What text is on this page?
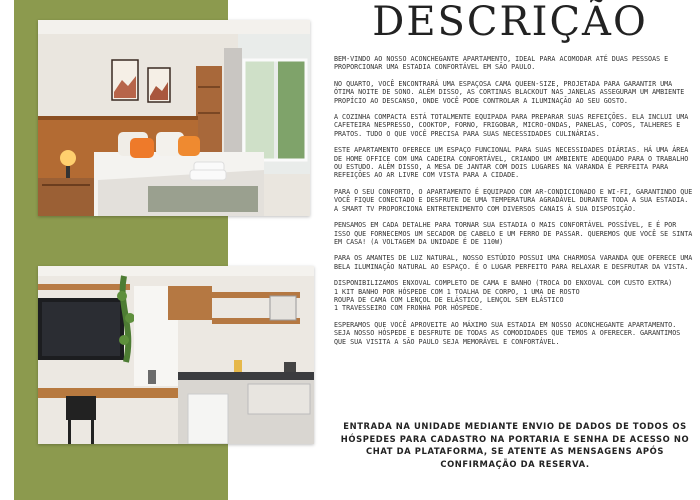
DESCRIÇÃO

BEM-VINDO AO NOSSO ACONCHEGANTE APARTAMENTO, IDEAL PARA ACOMODAR ATÉ DUAS PESSOAS E PROPORCIONAR UMA ESTADIA CONFORTÁVEL EM SÃO PAULO.

NO QUARTO, VOCÊ ENCONTRARÁ UMA ESPAÇOSA CAMA QUEEN-SIZE, PROJETADA PARA GARANTIR UMA ÓTIMA NOITE DE SONO. ALÉM DISSO, AS CORTINAS BLACKOUT NAS JANELAS ASSEGURAM UM AMBIENTE PROPÍCIO AO DESCANSO, ONDE VOCÊ PODE CONTROLAR A ILUMINAÇÃO AO SEU GOSTO.

A COZINHA COMPACTA ESTÁ TOTALMENTE EQUIPADA PARA PREPARAR SUAS REFEIÇÕES. ELA INCLUI UMA CAFETEIRA NESPRESSO, COOKTOP, FORNO, FRIGOBAR, MICRO-ONDAS, PANELAS, COPOS, TALHERES E PRATOS. TUDO O QUE VOCÊ PRECISA PARA SUAS NECESSIDADES CULINÁRIAS.

ESTE APARTAMENTO OFERECE UM ESPAÇO FUNCIONAL PARA SUAS NECESSIDADES DIÁRIAS. HÁ UMA ÁREA DE HOME OFFICE COM UMA CADEIRA CONFORTÁVEL, CRIANDO UM AMBIENTE ADEQUADO PARA O TRABALHO OU ESTUDO. ALÉM DISSO, A MESA DE JANTAR COM DOIS LUGARES NA VARANDA É PERFEITA PARA REFEIÇÕES AO AR LIVRE COM VISTA PARA A CIDADE.

PARA O SEU CONFORTO, O APARTAMENTO É EQUIPADO COM AR-CONDICIONADO E WI-FI, GARANTINDO QUE VOCÊ FIQUE CONECTADO E DESFRUTE DE UMA TEMPERATURA AGRADÁVEL DURANTE TODA A SUA ESTADIA. A SMART TV PROPORCIONA ENTRETENIMENTO COM DIVERSOS CANAIS À SUA DISPOSIÇÃO.

PENSAMOS EM CADA DETALHE PARA TORNAR SUA ESTADIA O MAIS CONFORTÁVEL POSSÍVEL, E É POR ISSO QUE FORNECEMOS UM SECADOR DE CABELO E UM FERRO DE PASSAR. QUEREMOS QUE VOCÊ SE SINTA EM CASA! (A VOLTAGEM DA UNIDADE É DE 110W)

PARA OS AMANTES DE LUZ NATURAL, NOSSO ESTÚDIO POSSUI UMA CHARMOSA VARANDA QUE OFERECE UMA BELA ILUMINAÇÃO NATURAL AO ESPAÇO. É O LUGAR PERFEITO PARA RELAXAR E DESFRUTAR DA VISTA.

DISPONIBILIZAMOS ENXOVAL COMPLETO DE CAMA E BANHO (TROCA DO ENXOVAL COM CUSTO EXTRA)
1 KIT BANHO POR HÓSPEDE COM 1 TOALHA DE CORPO, 1 UMA DE ROSTO
ROUPA DE CAMA COM LENÇOL DE ELÁSTICO, LENÇOL SEM ELÁSTICO
1 TRAVESSEIRO COM FRONHA POR HÓSPEDE.

ESPERAMOS QUE VOCÊ APROVEITE AO MÁXIMO SUA ESTADIA EM NOSSO ACONCHEGANTE APARTAMENTO. SEJA NOSSO HÓSPEDE E DESFRUTE DE TODAS AS COMODIDADES QUE TEMOS A OFERECER. GARANTIMOS QUE SUA VISITA A SÃO PAULO SEJA MEMORÁVEL E CONFORTÁVEL.

ENTRADA NA UNIDADE MEDIANTE ENVIO DE DADOS DE TODOS OS HÓSPEDES PARA CADASTRO NA PORTARIA E SENHA DE ACESSO NO CHAT DA PLATAFORMA, SE ATENTE AS MENSAGENS APÓS CONFIRMAÇÃO DA RESERVA.
